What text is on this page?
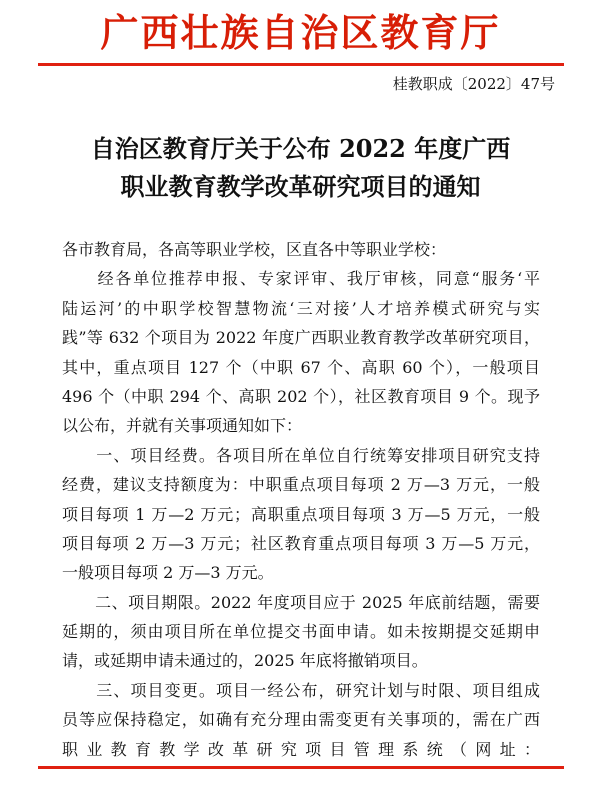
广西壮族自治区教育厅
桂教职成〔2022〕47号
自治区教育厅关于公布 2022 年度广西
职业教育教学改革研究项目的通知
各市教育局，各高等职业学校，区直各中等职业学校：
　　经各单位推荐申报、专家评审、我厅审核，同意“服务‘平
陆运河’的中职学校智慧物流‘三对接’人才培养模式研究与实
践”等 632 个项目为 2022 年度广西职业教育教学改革研究项目，
其中，重点项目 127 个（中职 67 个、高职 60 个），一般项目
496 个（中职 294 个、高职 202 个），社区教育项目 9 个。现予
以公布，并就有关事项通知如下：
　　一、项目经费。各项目所在单位自行统筹安排项目研究支持
经费，建议支持额度为：中职重点项目每项 2 万—3 万元，一般
项目每项 1 万—2 万元；高职重点项目每项 3 万—5 万元，一般
项目每项 2 万—3 万元；社区教育重点项目每项 3 万—5 万元，
一般项目每项 2 万—3 万元。
　　二、项目期限。2022 年度项目应于 2025 年底前结题，需要
延期的，须由项目所在单位提交书面申请。如未按期提交延期申
请，或延期申请未通过的，2025 年底将撤销项目。
　　三、项目变更。项目一经公布，研究计划与时限、项目组成
员等应保持稳定，如确有充分理由需变更有关事项的，需在广西
职业教育教学改革研究项目管理系统（网址：
